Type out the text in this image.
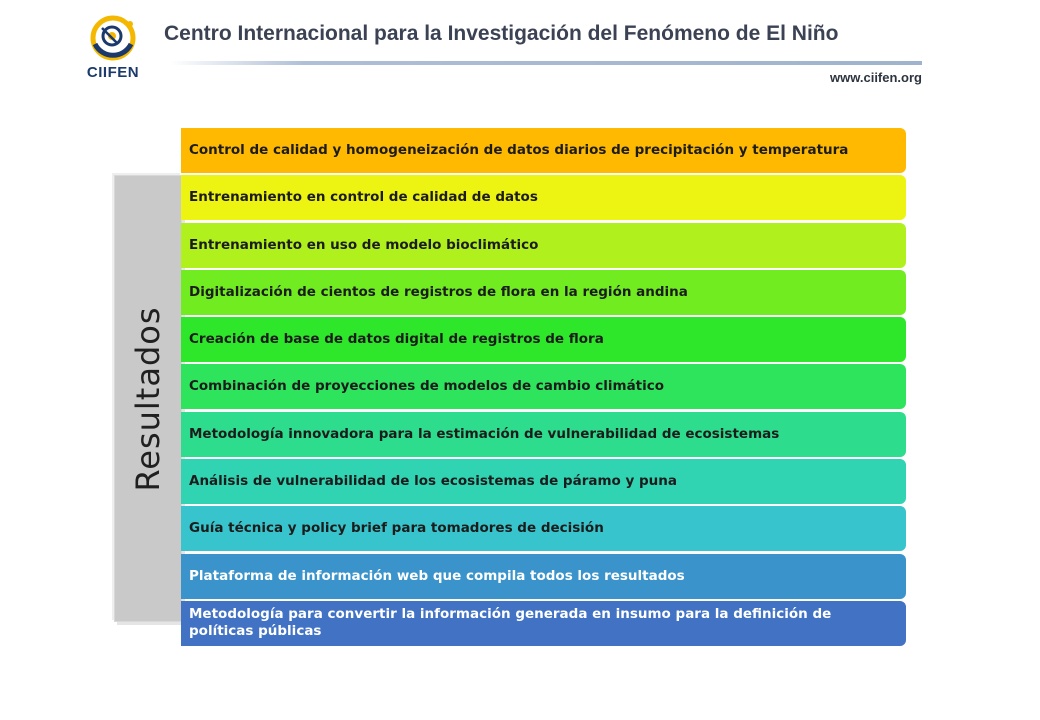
CIIFEN
Centro Internacional para la Investigación del Fenómeno de El Niño
www.ciifen.org
Resultados
Control de calidad y homogeneización de datos diarios de precipitación y temperatura
Entrenamiento en control de calidad de datos
Entrenamiento en uso de modelo bioclimático
Digitalización de cientos de registros de flora en la región andina
Creación de base de datos digital de registros de flora
Combinación de proyecciones de modelos de cambio climático
Metodología innovadora para la estimación de vulnerabilidad de ecosistemas
Análisis de vulnerabilidad de los ecosistemas de páramo y puna
Guía técnica y policy brief para tomadores de decisión
Plataforma de información web que compila todos los resultados
Metodología para convertir la información generada en insumo para la definición de políticas públicas
